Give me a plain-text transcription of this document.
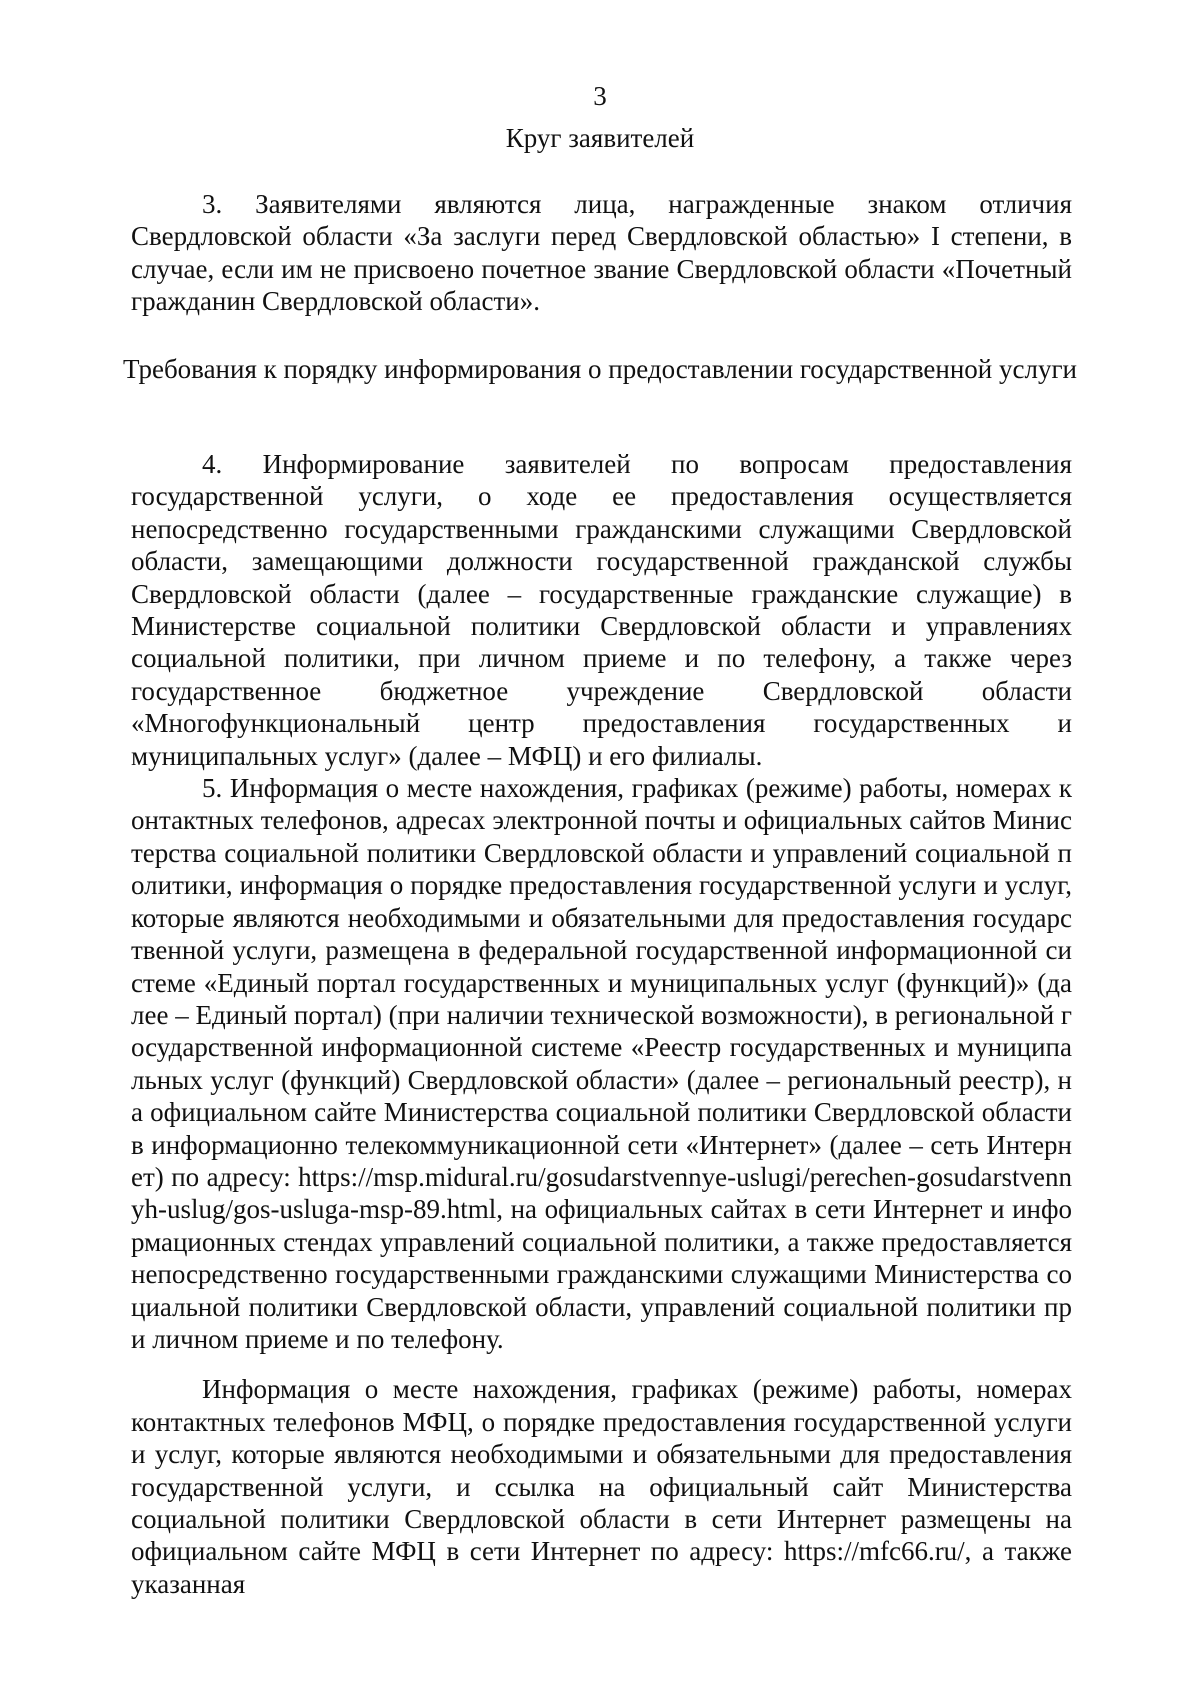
3

Круг заявителей

3. Заявителями являются лица, награжденные знаком отличия Свердловской области «За заслуги перед Свердловской областью» I степени, в случае, если им не присвоено почетное звание Свердловской области «Почетный гражданин Свердловской области».

Требования к порядку информирования о предоставлении государственной услуги

4. Информирование заявителей по вопросам предоставления государственной услуги, о ходе ее предоставления осуществляется непосредственно государственными гражданскими служащими Свердловской области, замещающими должности государственной гражданской службы Свердловской области (далее – государственные гражданские служащие) в Министерстве социальной политики Свердловской области и управлениях социальной политики, при личном приеме и по телефону, а также через государственное бюджетное учреждение Свердловской области «Многофункциональный центр предоставления государственных и муниципальных услуг» (далее – МФЦ) и его филиалы.

5. Информация о месте нахождения, графиках (режиме) работы, номерах контактных телефонов, адресах электронной почты и официальных сайтов Министерства социальной политики Свердловской области и управлений социальной политики, информация о порядке предоставления государственной услуги и услуг, которые являются необходимыми и обязательными для предоставления государственной услуги, размещена в федеральной государственной информационной системе «Единый портал государственных и муниципальных услуг (функций)» (далее – Единый портал) (при наличии технической возможности), в региональной государственной информационной системе «Реестр государственных и муниципальных услуг (функций) Свердловской области» (далее – региональный реестр), на официальном сайте Министерства социальной политики Свердловской области в информационно телекоммуникационной сети «Интернет» (далее – сеть Интернет) по адресу: https://msp.midural.ru/gosudarstvennye-uslugi/perechen-gosudarstvennyh-uslug/gos-usluga-msp-89.html, на официальных сайтах в сети Интернет и информационных стендах управлений социальной политики, а также предоставляется непосредственно государственными гражданскими служащими Министерства социальной политики Свердловской области, управлений социальной политики при личном приеме и по телефону.

Информация о месте нахождения, графиках (режиме) работы, номерах контактных телефонов МФЦ, о порядке предоставления государственной услуги и услуг, которые являются необходимыми и обязательными для предоставления государственной услуги, и ссылка на официальный сайт Министерства социальной политики Свердловской области в сети Интернет размещены на официальном сайте МФЦ в сети Интернет по адресу: https://mfc66.ru/, а также указанная
